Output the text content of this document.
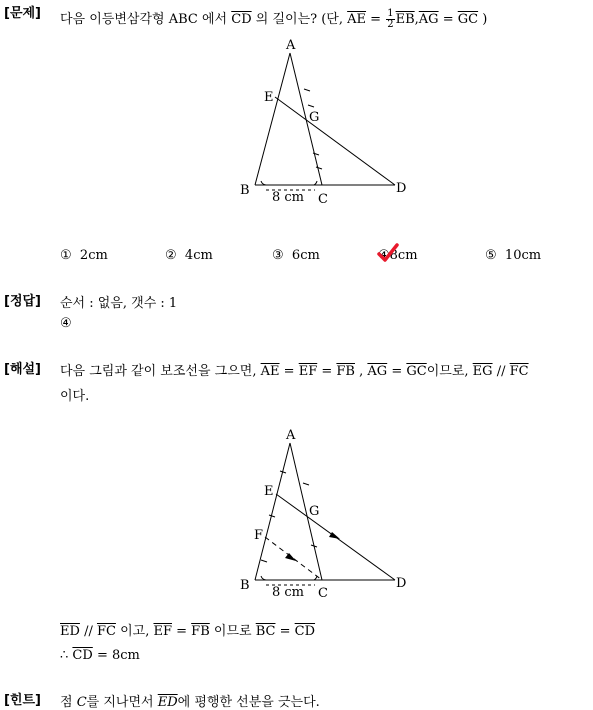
[문제] 다음 이등변삼각형 ABC 에서 $\overline{CD}$ 의 길이는? (단, $\overline{AE} = \frac{1}{2} \overline{EB},\overline{AG} = \overline{GC}$ )
A
E
G
B
C
D
8 cm
① 2cm	② 4cm	③ 6cm	④8cm	⑤ 10cm
[정답] 순서 : 없음, 갯수 : 1
④
[해설] 다음 그림과 같이 보조선을 그으면, $\overline{AE} = \overline{EF} = \overline{FB}$ , $\overline{AG} = \overline{GC}$이므로, $\overline{EG} // \overline{FC}$
이다.
A
E
G
F
B
C
D
8 cm
$\overline{ED} // \overline{FC}$ 이고, $\overline{EF} = \overline{FB}$ 이므로 $\overline{BC} = \overline{CD}$
∴ $\overline{CD} = 8cm$
[힌트] 점 C를 지나면서 $\overline{ED}$에 평행한 선분을 긋는다.
